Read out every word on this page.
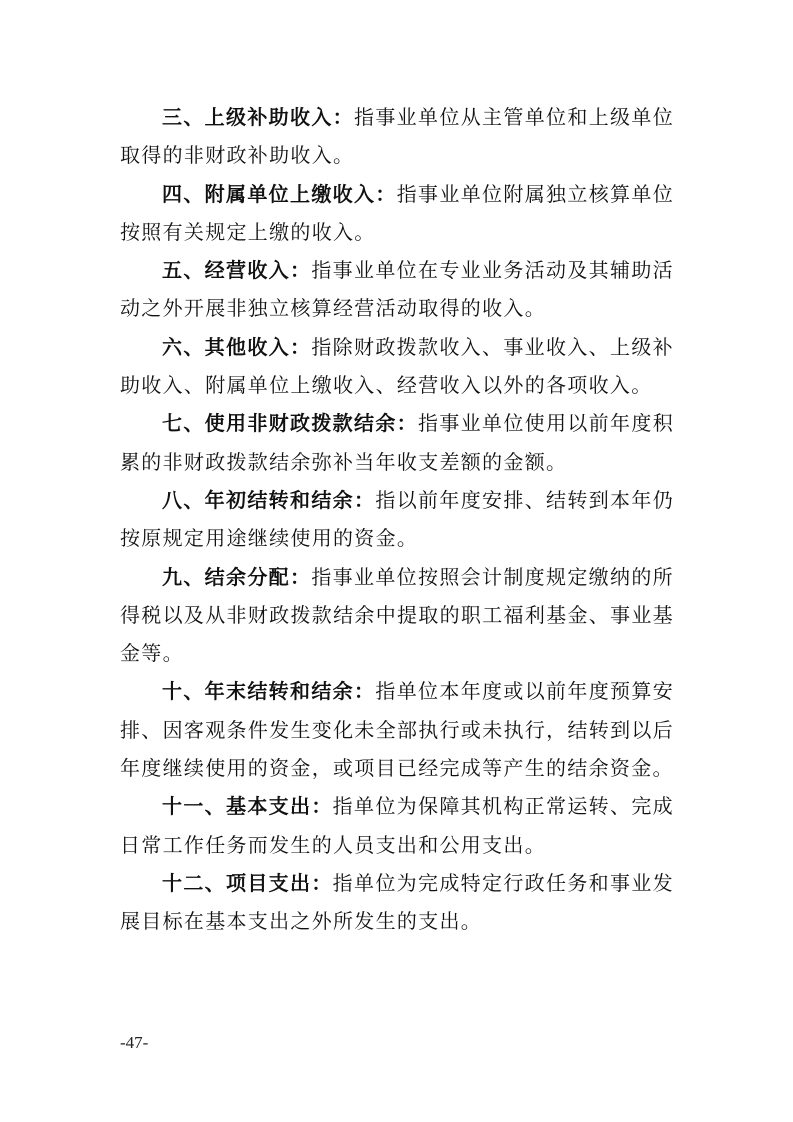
三、上级补助收入：指事业单位从主管单位和上级单位取得的非财政补助收入。

四、附属单位上缴收入：指事业单位附属独立核算单位按照有关规定上缴的收入。

五、经营收入：指事业单位在专业业务活动及其辅助活动之外开展非独立核算经营活动取得的收入。

六、其他收入：指除财政拨款收入、事业收入、上级补助收入、附属单位上缴收入、经营收入以外的各项收入。

七、使用非财政拨款结余：指事业单位使用以前年度积累的非财政拨款结余弥补当年收支差额的金额。

八、年初结转和结余：指以前年度安排、结转到本年仍按原规定用途继续使用的资金。

九、结余分配：指事业单位按照会计制度规定缴纳的所得税以及从非财政拨款结余中提取的职工福利基金、事业基金等。

十、年末结转和结余：指单位本年度或以前年度预算安排、因客观条件发生变化未全部执行或未执行，结转到以后年度继续使用的资金，或项目已经完成等产生的结余资金。

十一、基本支出：指单位为保障其机构正常运转、完成日常工作任务而发生的人员支出和公用支出。

十二、项目支出：指单位为完成特定行政任务和事业发展目标在基本支出之外所发生的支出。

-47-
